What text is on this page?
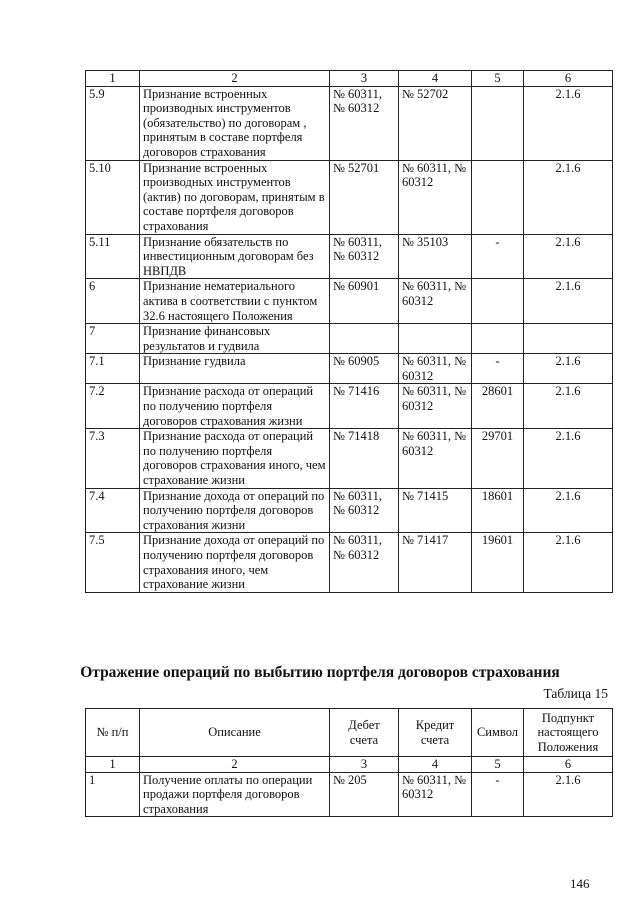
1	2	3	4	5	6
5.9	Признание встроенных производных инструментов (обязательство) по договорам , принятым в составе портфеля договоров страхования	№ 60311, № 60312	№ 52702		2.1.6
5.10	Признание встроенных производных инструментов (актив) по договорам, принятым в составе портфеля договоров страхования	№ 52701	№ 60311, № 60312		2.1.6
5.11	Признание обязательств по инвестиционным договорам без НВПДВ	№ 60311, № 60312	№ 35103	-	2.1.6
6	Признание нематериального актива в соответствии с пунктом 32.6 настоящего Положения	№ 60901	№ 60311, № 60312		2.1.6
7	Признание финансовых результатов и гудвила				
7.1	Признание гудвила	№ 60905	№ 60311, № 60312	-	2.1.6
7.2	Признание расхода от операций по получению портфеля договоров страхования жизни	№ 71416	№ 60311, № 60312	28601	2.1.6
7.3	Признание расхода от операций по получению портфеля договоров страхования иного, чем страхование жизни	№ 71418	№ 60311, № 60312	29701	2.1.6
7.4	Признание дохода от операций по получению портфеля договоров страхования жизни	№ 60311, № 60312	№ 71415	18601	2.1.6
7.5	Признание дохода от операций по получению портфеля договоров страхования иного, чем страхование жизни	№ 60311, № 60312	№ 71417	19601	2.1.6
Отражение операций по выбытию портфеля договоров страхования
Таблица 15
№ п/п	Описание	Дебет счета	Кредит счета	Символ	Подпункт настоящего Положения
1	2	3	4	5	6
1	Получение оплаты по операции продажи портфеля договоров страхования	№ 205	№ 60311, № 60312	-	2.1.6
146
